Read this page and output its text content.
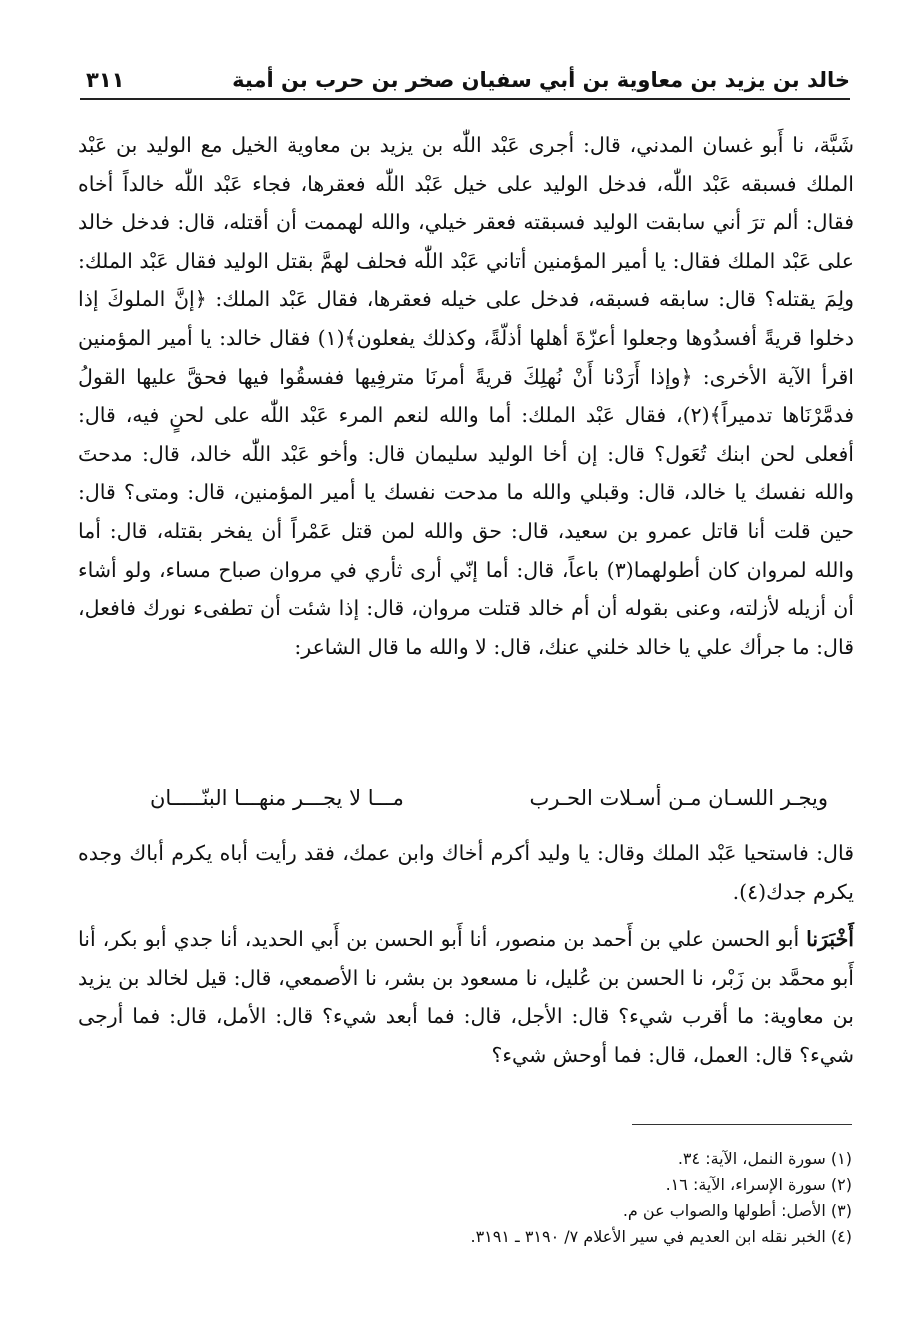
٣١١	خالد بن يزيد بن معاوية بن أبي سفيان صخر بن حرب بن أمية

شَبَّة، نا أَبو غسان المدني، قال: أجرى عَبْد اللّٰه بن يزيد بن معاوية الخيل مع الوليد بن عَبْد الملك فسبقه عَبْد اللّٰه، فدخل الوليد على خيل عَبْد اللّٰه فعقرها، فجاء عَبْد اللّٰه خالداً أخاه فقال: ألم ترَ أني سابقت الوليد فسبقته فعقر خيلي، والله لهممت أن أقتله، قال: فدخل خالد على عَبْد الملك فقال: يا أمير المؤمنين أتاني عَبْد اللّٰه فحلف لهمَّ بقتل الوليد فقال عَبْد الملك: ولِمَ يقتله؟ قال: سابقه فسبقه، فدخل على خيله فعقرها، فقال عَبْد الملك: ﴿إنَّ الملوكَ إذا دخلوا قريةً أفسدُوها وجعلوا أعزّةَ أهلها أذلّةً، وكذلك يفعلون﴾(١) فقال خالد: يا أمير المؤمنين اقرأ الآية الأخرى: ﴿وإذا أَرَدْنا أَنْ نُهلِكَ قريةً أمرنَا مترفِيها ففسقُوا فيها فحقَّ عليها القولُ فدمَّرْنَاها تدميراً﴾(٢)، فقال عَبْد الملك: أما والله لنعم المرء عَبْد اللّٰه على لحنٍ فيه، قال: أفعلى لحن ابنك تُعَول؟ قال: إن أخا الوليد سليمان قال: وأخو عَبْد اللّٰه خالد، قال: مدحتَ والله نفسك يا خالد، قال: وقبلي والله ما مدحت نفسك يا أمير المؤمنين، قال: ومتى؟ قال: حين قلت أنا قاتل عمرو بن سعيد، قال: حق والله لمن قتل عَمْراً أن يفخر بقتله، قال: أما والله لمروان كان أطولهما(٣) باعاً، قال: أما إنّي أرى ثأري في مروان صباح مساء، ولو أشاء أن أزيله لأزلته، وعنى بقوله أن أم خالد قتلت مروان، قال: إذا شئت أن تطفىء نورك فافعل، قال: ما جرأك علي يا خالد خلني عنك، قال: لا والله ما قال الشاعر:

ويجـر اللسـان مـن أسـلات الحـرب
مـــا لا يجـــر منهـــا البنّـــــان
قال: فاستحيا عَبْد الملك وقال: يا وليد أكرم أخاك وابن عمك، فقد رأيت أباه يكرم أباك وجده يكرم جدك(٤).
أَخْبَرَنا أبو الحسن علي بن أَحمد بن منصور، أنا أَبو الحسن بن أَبي الحديد، أنا جدي أبو بكر، أنا أَبو محمَّد بن زَبْر، نا الحسن بن عُليل، نا مسعود بن بشر، نا الأصمعي، قال: قيل لخالد بن يزيد بن معاوية: ما أقرب شيء؟ قال: الأجل، قال: فما أبعد شيء؟ قال: الأمل، قال: فما أرجى شيء؟ قال: العمل، قال: فما أوحش شيء؟
(١) سورة النمل، الآية: ٣٤.
(٢) سورة الإسراء، الآية: ١٦.
(٣) الأصل: أطولها والصواب عن م.
(٤) الخبر نقله ابن العديم في سير الأعلام ٧/ ٣١٩٠ ـ ٣١٩١.
